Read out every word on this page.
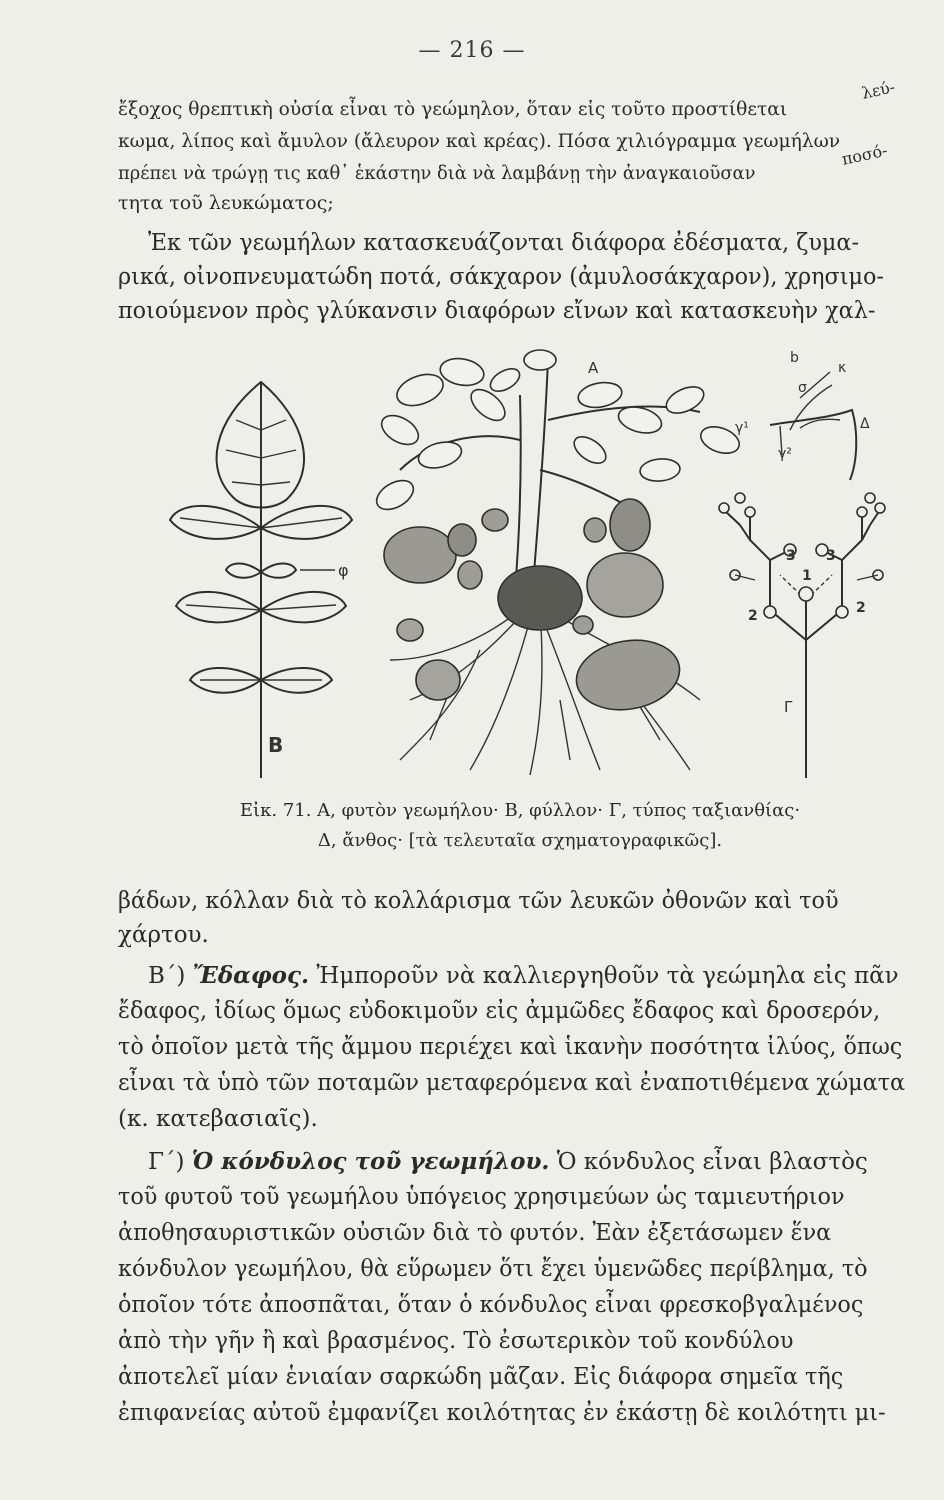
— 216 —
ἔξοχος θρεπτικὴ οὐσία εἶναι τὸ γεώμηλον, ὅταν εἰς τοῦτο προστίθεται
λεύ-
κωμα, λίπος καὶ ἄμυλον (ἄλευρον καὶ κρέας). Πόσα χιλιόγραμμα γεωμήλων
πρέπει νὰ τρώγῃ τις καθ᾿ ἑκάστην διὰ νὰ λαμβάνῃ τὴν ἀναγκαιοῦσαν
ποσό-
τητα τοῦ λευκώματος;
Ἐκ τῶν γεωμήλων κατασκευάζονται διάφορα ἐδέσματα, ζυμα-
ρικά, οἰνοπνευματώδη ποτά, σάκχαρον (ἀμυλοσάκχαρον), χρησιμο-
ποιούμενον πρὸς γλύκανσιν διαφόρων εἴνων καὶ κατασκευὴν χαλ-
φ
B
A
b
κ
σ
Δ
γ¹
γ²
1
2	2
3 3
Γ
Εἰκ. 71. Α, φυτὸν γεωμήλου· Β, φύλλον· Γ, τύπος ταξιανθίας·
Δ, ἄνθος· [τὰ τελευταῖα σχηματογραφικῶς].
βάδων, κόλλαν διὰ τὸ κολλάρισμα τῶν λευκῶν ὀθονῶν καὶ τοῦ
χάρτου.
Β´) Ἔδαφος. Ἠμποροῦν νὰ καλλιεργηθοῦν τὰ γεώμηλα εἰς πᾶν
ἔδαφος, ἰδίως ὅμως εὐδοκιμοῦν εἰς ἀμμῶδες ἔδαφος καὶ δροσερόν,
τὸ ὁποῖον μετὰ τῆς ἄμμου περιέχει καὶ ἱκανὴν ποσότητα ἰλύος, ὅπως
εἶναι τὰ ὑπὸ τῶν ποταμῶν μεταφερόμενα καὶ ἐναποτιθέμενα χώματα
(κ. κατεβασιαῖς).
Γ´) Ὁ κόνδυλος τοῦ γεωμήλου. Ὁ κόνδυλος εἶναι βλαστὸς
τοῦ φυτοῦ τοῦ γεωμήλου ὑπόγειος χρησιμεύων ὡς ταμιευτήριον
ἀποθησαυριστικῶν οὐσιῶν διὰ τὸ φυτόν. Ἐὰν ἐξετάσωμεν ἕνα
κόνδυλον γεωμήλου, θὰ εὕρωμεν ὅτι ἔχει ὑμενῶδες περίβλημα, τὸ
ὁποῖον τότε ἀποσπᾶται, ὅταν ὁ κόνδυλος εἶναι φρεσκοβγαλμένος
ἀπὸ τὴν γῆν ἢ καὶ βρασμένος. Τὸ ἐσωτερικὸν τοῦ κονδύλου
ἀποτελεῖ μίαν ἑνιαίαν σαρκώδη μᾶζαν. Εἰς διάφορα σημεῖα τῆς
ἐπιφανείας αὐτοῦ ἐμφανίζει κοιλότητας ἐν ἑκάστῃ δὲ κοιλότητι μι-
